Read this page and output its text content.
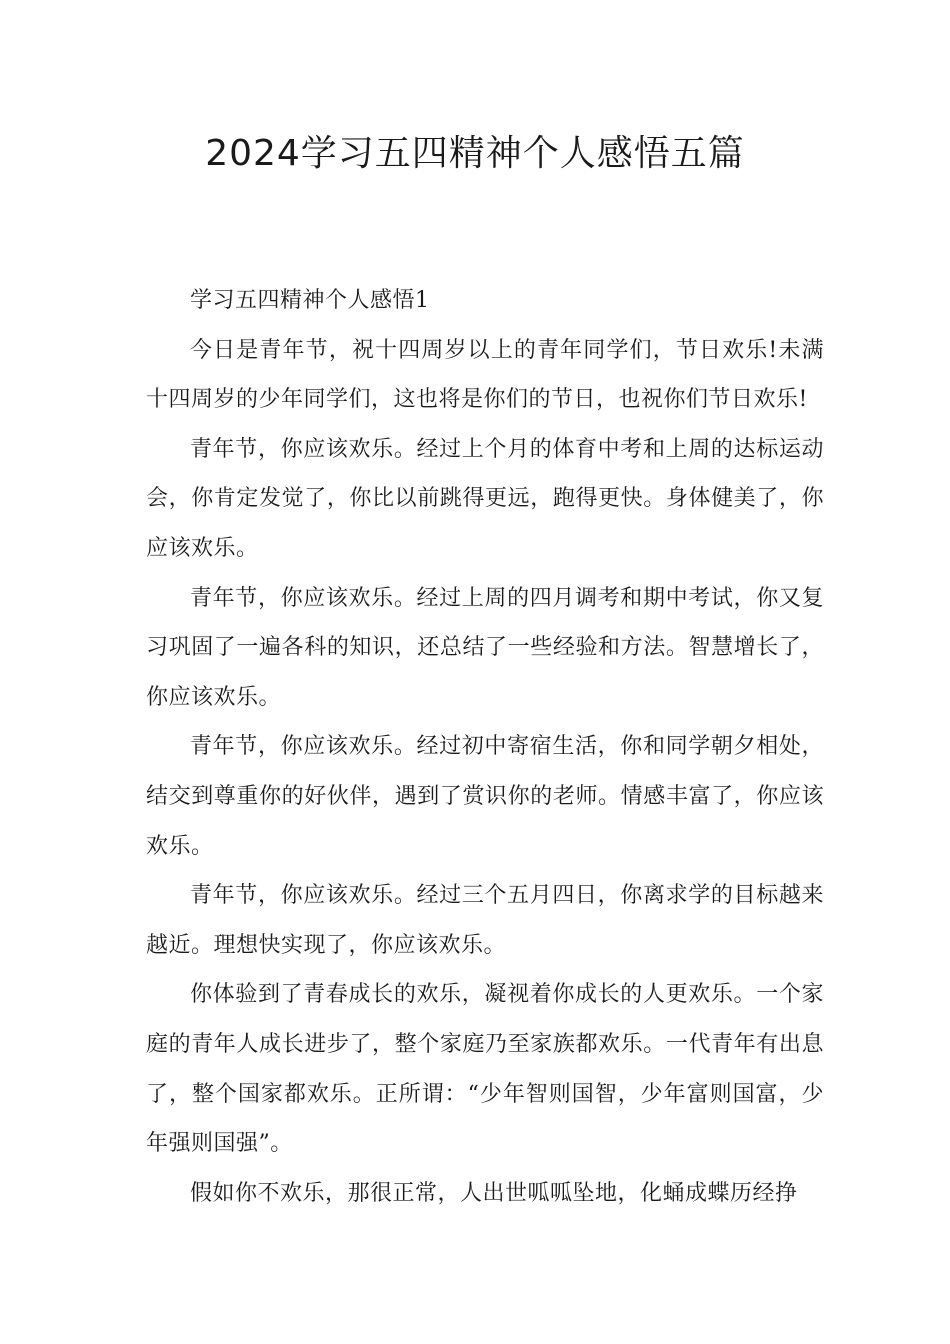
2024学习五四精神个人感悟五篇

学习五四精神个人感悟1

今日是青年节，祝十四周岁以上的青年同学们，节日欢乐!未满十四周岁的少年同学们，这也将是你们的节日，也祝你们节日欢乐!

青年节，你应该欢乐。经过上个月的体育中考和上周的达标运动会，你肯定发觉了，你比以前跳得更远，跑得更快。身体健美了，你应该欢乐。

青年节，你应该欢乐。经过上周的四月调考和期中考试，你又复习巩固了一遍各科的知识，还总结了一些经验和方法。智慧增长了，你应该欢乐。

青年节，你应该欢乐。经过初中寄宿生活，你和同学朝夕相处，结交到尊重你的好伙伴，遇到了赏识你的老师。情感丰富了，你应该欢乐。

青年节，你应该欢乐。经过三个五月四日，你离求学的目标越来越近。理想快实现了，你应该欢乐。

你体验到了青春成长的欢乐，凝视着你成长的人更欢乐。一个家庭的青年人成长进步了，整个家庭乃至家族都欢乐。一代青年有出息了，整个国家都欢乐。正所谓：“少年智则国智，少年富则国富，少年强则国强”。

假如你不欢乐，那很正常，人出世呱呱坠地，化蛹成蝶历经挣
